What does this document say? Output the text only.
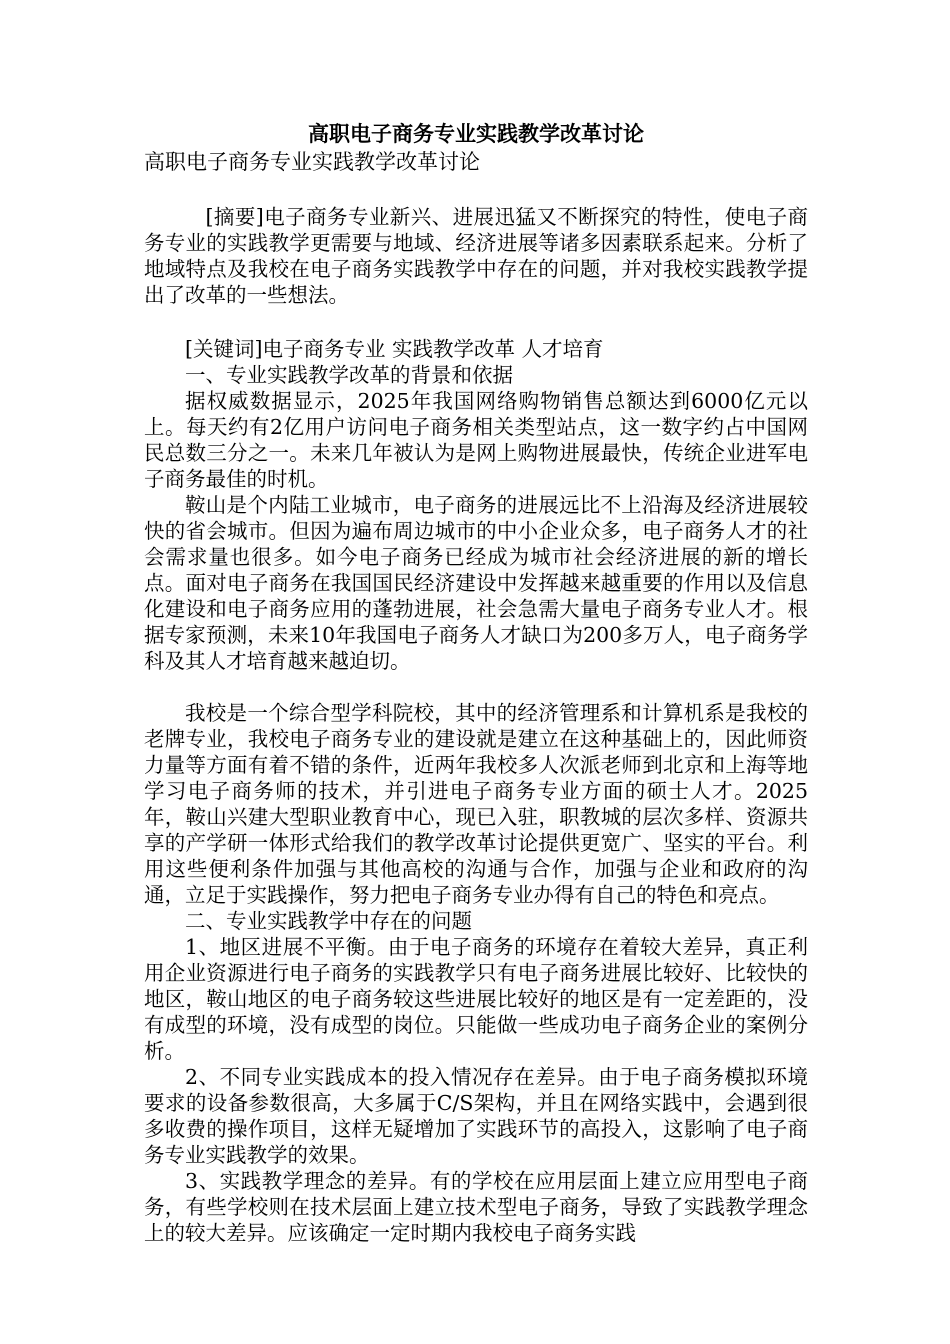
高职电子商务专业实践教学改革讨论
高职电子商务专业实践教学改革讨论

[摘要]电子商务专业新兴、进展迅猛又不断探究的特性，使电子商务专业的实践教学更需要与地域、经济进展等诸多因素联系起来。分析了地域特点及我校在电子商务实践教学中存在的问题，并对我校实践教学提出了改革的一些想法。

[关键词]电子商务专业 实践教学改革 人才培育

一、专业实践教学改革的背景和依据

据权威数据显示，2025年我国网络购物销售总额达到6000亿元以上。每天约有2亿用户访问电子商务相关类型站点，这一数字约占中国网民总数三分之一。未来几年被认为是网上购物进展最快，传统企业进军电子商务最佳的时机。

鞍山是个内陆工业城市，电子商务的进展远比不上沿海及经济进展较快的省会城市。但因为遍布周边城市的中小企业众多，电子商务人才的社会需求量也很多。如今电子商务已经成为城市社会经济进展的新的增长点。面对电子商务在我国国民经济建设中发挥越来越重要的作用以及信息化建设和电子商务应用的蓬勃进展，社会急需大量电子商务专业人才。根据专家预测，未来10年我国电子商务人才缺口为200多万人，电子商务学科及其人才培育越来越迫切。

我校是一个综合型学科院校，其中的经济管理系和计算机系是我校的老牌专业，我校电子商务专业的建设就是建立在这种基础上的，因此师资力量等方面有着不错的条件，近两年我校多人次派老师到北京和上海等地学习电子商务师的技术，并引进电子商务专业方面的硕士人才。2025年，鞍山兴建大型职业教育中心，现已入驻，职教城的层次多样、资源共享的产学研一体形式给我们的教学改革讨论提供更宽广、坚实的平台。利用这些便利条件加强与其他高校的沟通与合作，加强与企业和政府的沟通，立足于实践操作，努力把电子商务专业办得有自己的特色和亮点。

二、专业实践教学中存在的问题

1、地区进展不平衡。由于电子商务的环境存在着较大差异，真正利用企业资源进行电子商务的实践教学只有电子商务进展比较好、比较快的地区，鞍山地区的电子商务较这些进展比较好的地区是有一定差距的，没有成型的环境，没有成型的岗位。只能做一些成功电子商务企业的案例分析。

2、不同专业实践成本的投入情况存在差异。由于电子商务模拟环境要求的设备参数很高，大多属于C/S架构，并且在网络实践中，会遇到很多收费的操作项目，这样无疑增加了实践环节的高投入，这影响了电子商务专业实践教学的效果。

3、实践教学理念的差异。有的学校在应用层面上建立应用型电子商务，有些学校则在技术层面上建立技术型电子商务，导致了实践教学理念上的较大差异。应该确定一定时期内我校电子商务实践
